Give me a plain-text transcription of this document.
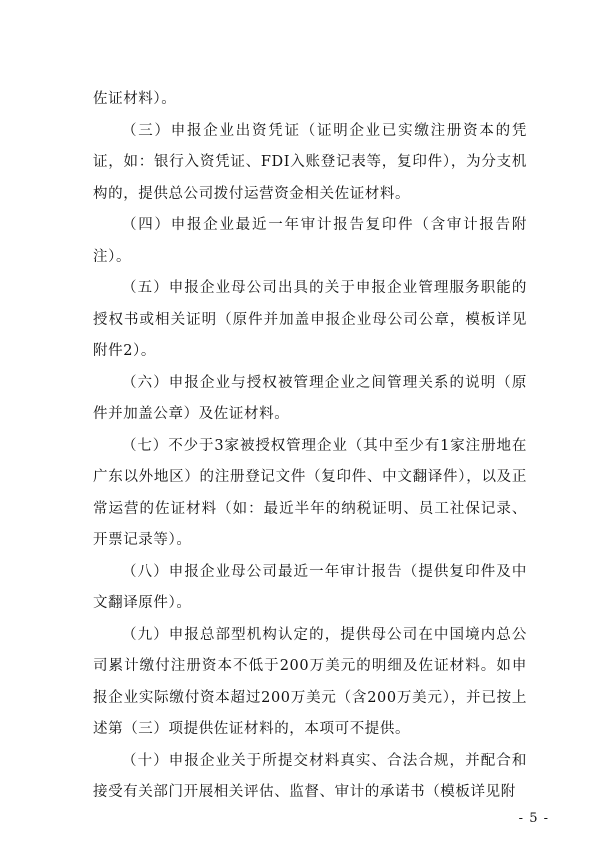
佐证材料）。

（三）申报企业出资凭证（证明企业已实缴注册资本的凭证，如：银行入资凭证、FDI入账登记表等，复印件），为分支机构的，提供总公司拨付运营资金相关佐证材料。

（四）申报企业最近一年审计报告复印件（含审计报告附注）。

（五）申报企业母公司出具的关于申报企业管理服务职能的授权书或相关证明（原件并加盖申报企业母公司公章，模板详见附件2）。

（六）申报企业与授权被管理企业之间管理关系的说明（原件并加盖公章）及佐证材料。

（七）不少于3家被授权管理企业（其中至少有1家注册地在广东以外地区）的注册登记文件（复印件、中文翻译件），以及正常运营的佐证材料（如：最近半年的纳税证明、员工社保记录、开票记录等）。

（八）申报企业母公司最近一年审计报告（提供复印件及中文翻译原件）。

（九）申报总部型机构认定的，提供母公司在中国境内总公司累计缴付注册资本不低于200万美元的明细及佐证材料。如申报企业实际缴付资本超过200万美元（含200万美元），并已按上述第（三）项提供佐证材料的，本项可不提供。

（十）申报企业关于所提交材料真实、合法合规，并配合和接受有关部门开展相关评估、监督、审计的承诺书（模板详见附

- 5 -
